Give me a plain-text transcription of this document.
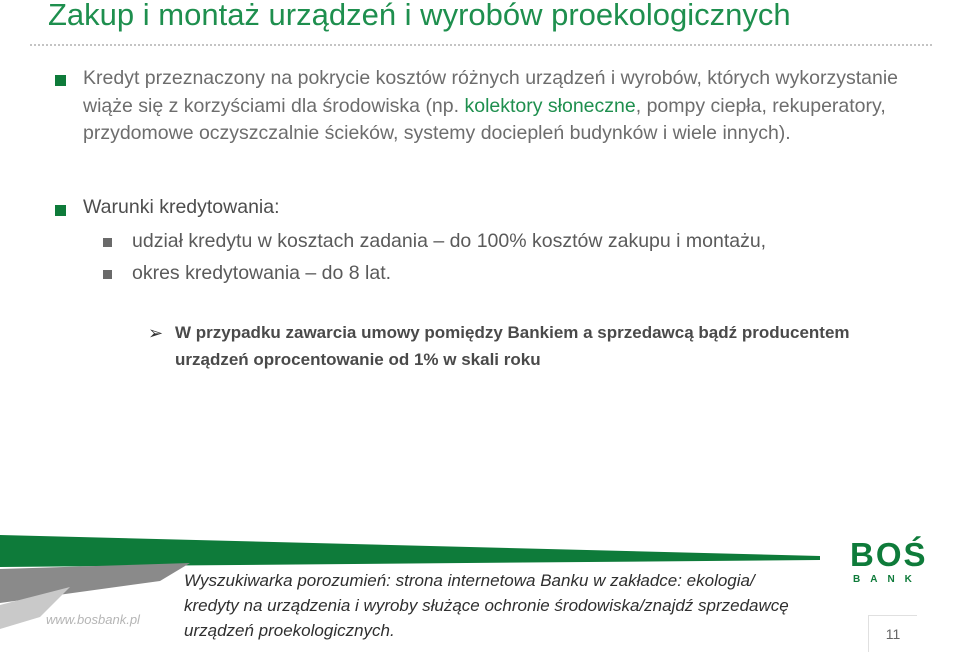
Zakup i montaż urządzeń i wyrobów proekologicznych

Kredyt przeznaczony na pokrycie kosztów różnych urządzeń i wyrobów, których wykorzystanie wiąże się z korzyściami dla środowiska (np. kolektory słoneczne, pompy ciepła, rekuperatory, przydomowe oczyszczalnie ścieków, systemy dociepleń budynków i wiele innych).

Warunki kredytowania:

udział kredytu w kosztach zadania – do 100% kosztów zakupu i montażu,

okres kredytowania – do 8 lat.

➢ W przypadku zawarcia umowy pomiędzy Bankiem a sprzedawcą bądź producentem urządzeń oprocentowanie od 1% w skali roku

www.bosbank.pl

Wyszukiwarka porozumień: strona internetowa Banku w zakładce: ekologia/ kredyty na urządzenia i wyroby służące ochronie środowiska/znajdź sprzedawcę urządzeń proekologicznych.

BOŚ
BANK
11
